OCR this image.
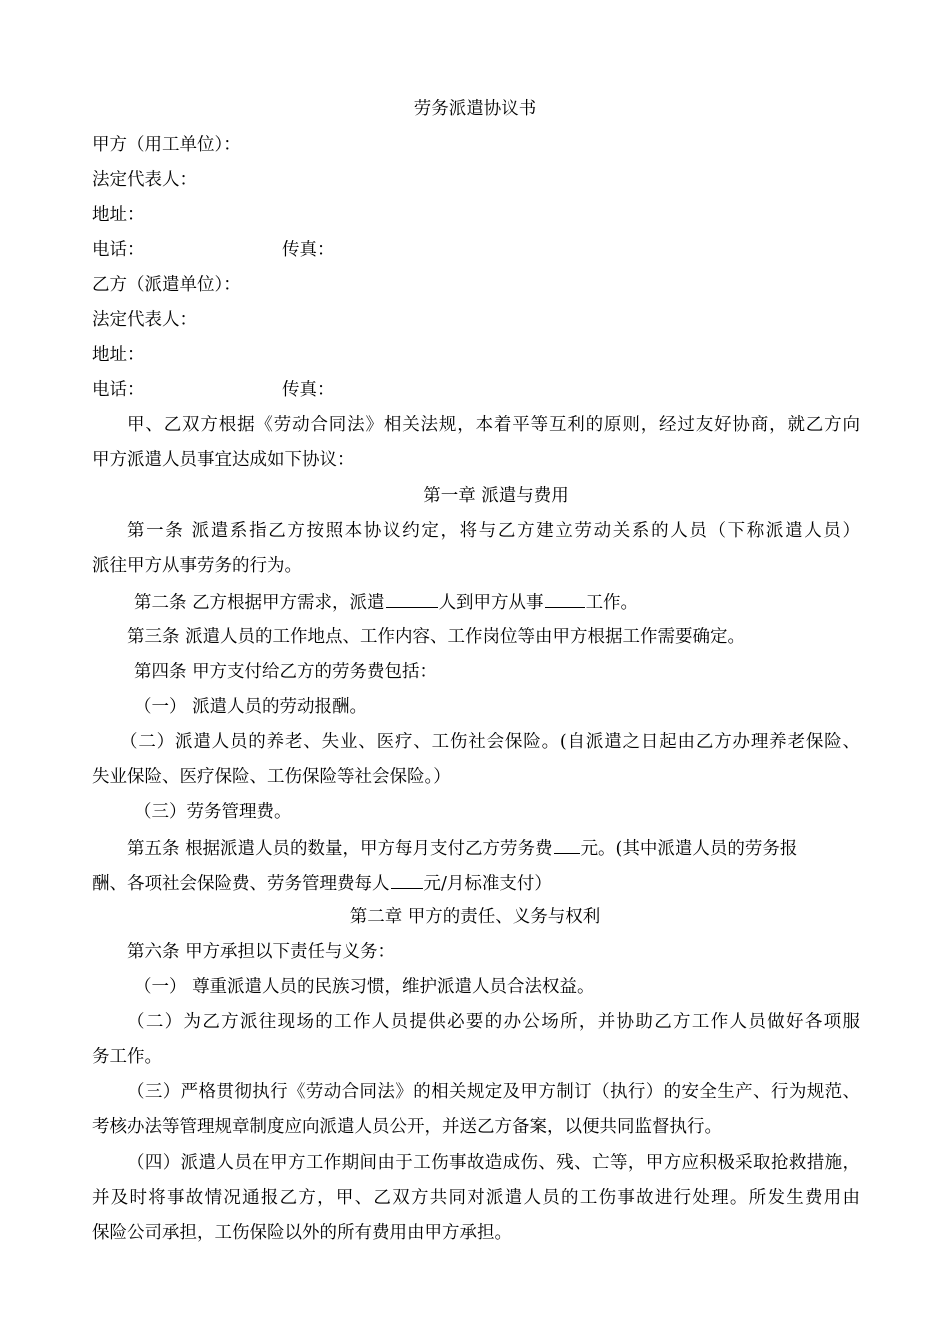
劳务派遣协议书
甲方（用工单位）：
法定代表人：
地址：
电话：	传真：
乙方（派遣单位）：
法定代表人：
地址：
电话：	传真：
甲、乙双方根据《劳动合同法》相关法规，本着平等互利的原则，经过友好协商，就乙方向
甲方派遣人员事宜达成如下协议：
第一章 派遣与费用
第一条 派遣系指乙方按照本协议约定，将与乙方建立劳动关系的人员（下称派遣人员）
派往甲方从事劳务的行为。
第二条 乙方根据甲方需求，派遣	人到甲方从事 工作。
第三条 派遣人员的工作地点、工作内容、工作岗位等由甲方根据工作需要确定。
第四条 甲方支付给乙方的劳务费包括：
（一） 派遣人员的劳动报酬。
（二）派遣人员的养老、失业、医疗、工伤社会保险。(自派遣之日起由乙方办理养老保险、
失业保险、医疗保险、工伤保险等社会保险。）
（三）劳务管理费。
第五条 根据派遣人员的数量，甲方每月支付乙方劳务费 元。(其中派遣人员的劳务报
酬、各项社会保险费、劳务管理费每人 元/月标准支付）
第二章 甲方的责任、义务与权利
第六条 甲方承担以下责任与义务：
（一） 尊重派遣人员的民族习惯，维护派遣人员合法权益。
（二）为乙方派往现场的工作人员提供必要的办公场所，并协助乙方工作人员做好各项服
务工作。
（三）严格贯彻执行《劳动合同法》的相关规定及甲方制订（执行）的安全生产、行为规范、
考核办法等管理规章制度应向派遣人员公开，并送乙方备案，以便共同监督执行。
（四）派遣人员在甲方工作期间由于工伤事故造成伤、残、亡等，甲方应积极采取抢救措施，
并及时将事故情况通报乙方，甲、乙双方共同对派遣人员的工伤事故进行处理。所发生费用由
保险公司承担，工伤保险以外的所有费用由甲方承担。
